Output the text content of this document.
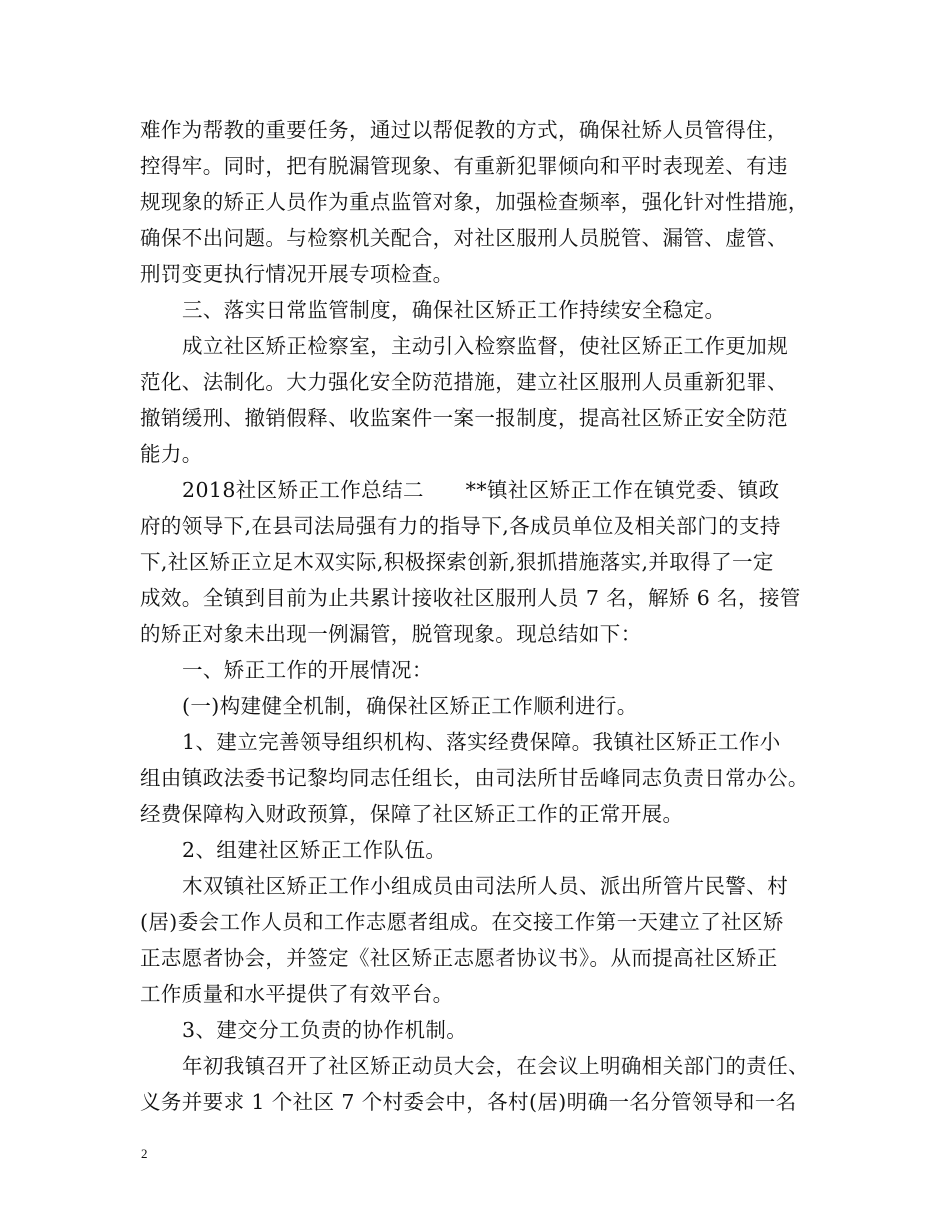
难作为帮教的重要任务，通过以帮促教的方式，确保社矫人员管得住，
控得牢。同时，把有脱漏管现象、有重新犯罪倾向和平时表现差、有违
规现象的矫正人员作为重点监管对象，加强检查频率，强化针对性措施，
确保不出问题。与检察机关配合，对社区服刑人员脱管、漏管、虚管、
刑罚变更执行情况开展专项检查。
三、落实日常监管制度，确保社区矫正工作持续安全稳定。
成立社区矫正检察室，主动引入检察监督，使社区矫正工作更加规
范化、法制化。大力强化安全防范措施，建立社区服刑人员重新犯罪、
撤销缓刑、撤销假释、收监案件一案一报制度，提高社区矫正安全防范
能力。
2018社区矫正工作总结二　　**镇社区矫正工作在镇党委、镇政
府的领导下,在县司法局强有力的指导下,各成员单位及相关部门的支持
下,社区矫正立足木双实际,积极探索创新,狠抓措施落实,并取得了一定
成效。全镇到目前为止共累计接收社区服刑人员 7 名，解矫 6 名，接管
的矫正对象未出现一例漏管，脱管现象。现总结如下：
一、矫正工作的开展情况：
(一)构建健全机制，确保社区矫正工作顺利进行。
1、建立完善领导组织机构、落实经费保障。我镇社区矫正工作小
组由镇政法委书记黎均同志任组长，由司法所甘岳峰同志负责日常办公。
经费保障构入财政预算，保障了社区矫正工作的正常开展。
2、组建社区矫正工作队伍。
木双镇社区矫正工作小组成员由司法所人员、派出所管片民警、村
(居)委会工作人员和工作志愿者组成。在交接工作第一天建立了社区矫
正志愿者协会，并签定《社区矫正志愿者协议书》。从而提高社区矫正
工作质量和水平提供了有效平台。
3、建交分工负责的协作机制。
年初我镇召开了社区矫正动员大会，在会议上明确相关部门的责任、
义务并要求 1 个社区 7 个村委会中，各村(居)明确一名分管领导和一名
2
